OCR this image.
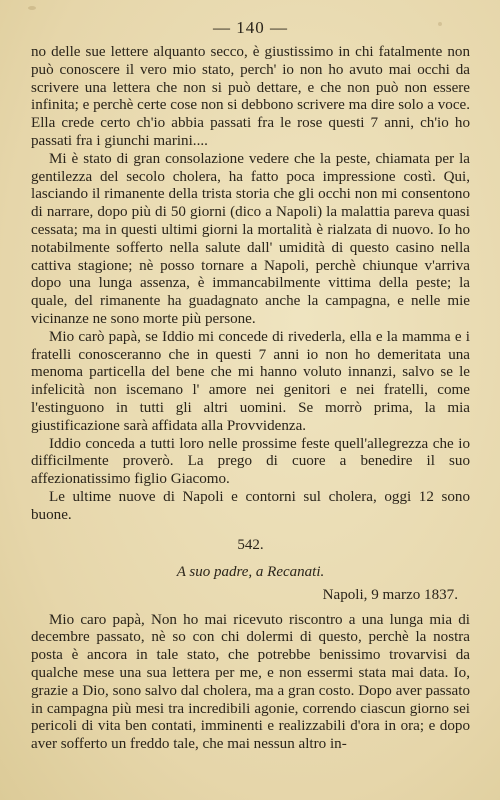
— 140 —

no delle sue lettere alquanto secco, è giustissimo in chi fatalmente non può conoscere il vero mio stato, perch' io non ho avuto mai occhi da scrivere una lettera che non si può dettare, e che non può non essere infinita; e perchè certe cose non si debbono scrivere ma dire solo a voce. Ella crede certo ch'io abbia passati fra le rose questi 7 anni, ch'io ho passati fra i giunchi marini....

Mi è stato di gran consolazione vedere che la peste, chiamata per la gentilezza del secolo cholera, ha fatto poca impressione costì. Qui, lasciando il rimanente della trista storia che gli occhi non mi consentono di narrare, dopo più di 50 giorni (dico a Napoli) la malattia pareva quasi cessata; ma in questi ultimi giorni la mortalità è rialzata di nuovo. Io ho notabilmente sofferto nella salute dall' umidità di questo casino nella cattiva stagione; nè posso tornare a Napoli, perchè chiunque v'arriva dopo una lunga assenza, è immancabilmente vittima della peste; la quale, del rimanente ha guadagnato anche la campagna, e nelle mie vicinanze ne sono morte più persone.

Mio carò papà, se Iddio mi concede di rivederla, ella e la mamma e i fratelli conosceranno che in questi 7 anni io non ho demeritata una menoma particella del bene che mi hanno voluto innanzi, salvo se le infelicità non iscemano l' amore nei genitori e nei fratelli, come l'estinguono in tutti gli altri uomini. Se morrò prima, la mia giustificazione sarà affidata alla Provvidenza.

Iddio conceda a tutti loro nelle prossime feste quell'allegrezza che io difficilmente proverò. La prego di cuore a benedire il suo affezionatissimo figlio Giacomo.

Le ultime nuove di Napoli e contorni sul cholera, oggi 12 sono buone.

542.
A suo padre, a Recanati.
Napoli, 9 marzo 1837.

Mio caro papà, Non ho mai ricevuto riscontro a una lunga mia di decembre passato, nè so con chi dolermi di questo, perchè la nostra posta è ancora in tale stato, che potrebbe benissimo trovarvisi da qualche mese una sua lettera per me, e non essermi stata mai data. Io, grazie a Dio, sono salvo dal cholera, ma a gran costo. Dopo aver passato in campagna più mesi tra incredibili agonie, correndo ciascun giorno sei pericoli di vita ben contati, imminenti e realizzabili d'ora in ora; e dopo aver sofferto un freddo tale, che mai nessun altro in-
